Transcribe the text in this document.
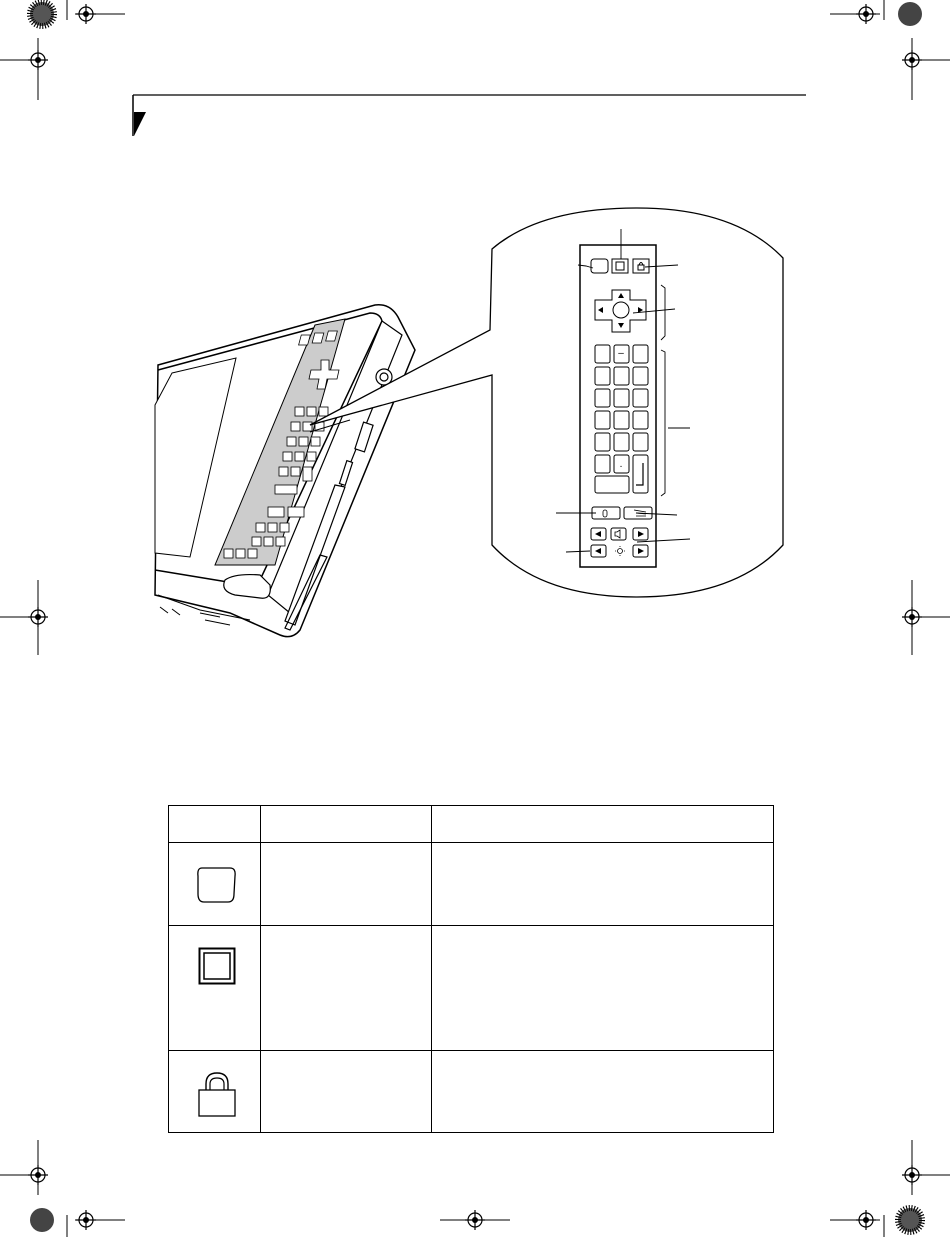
–
.
